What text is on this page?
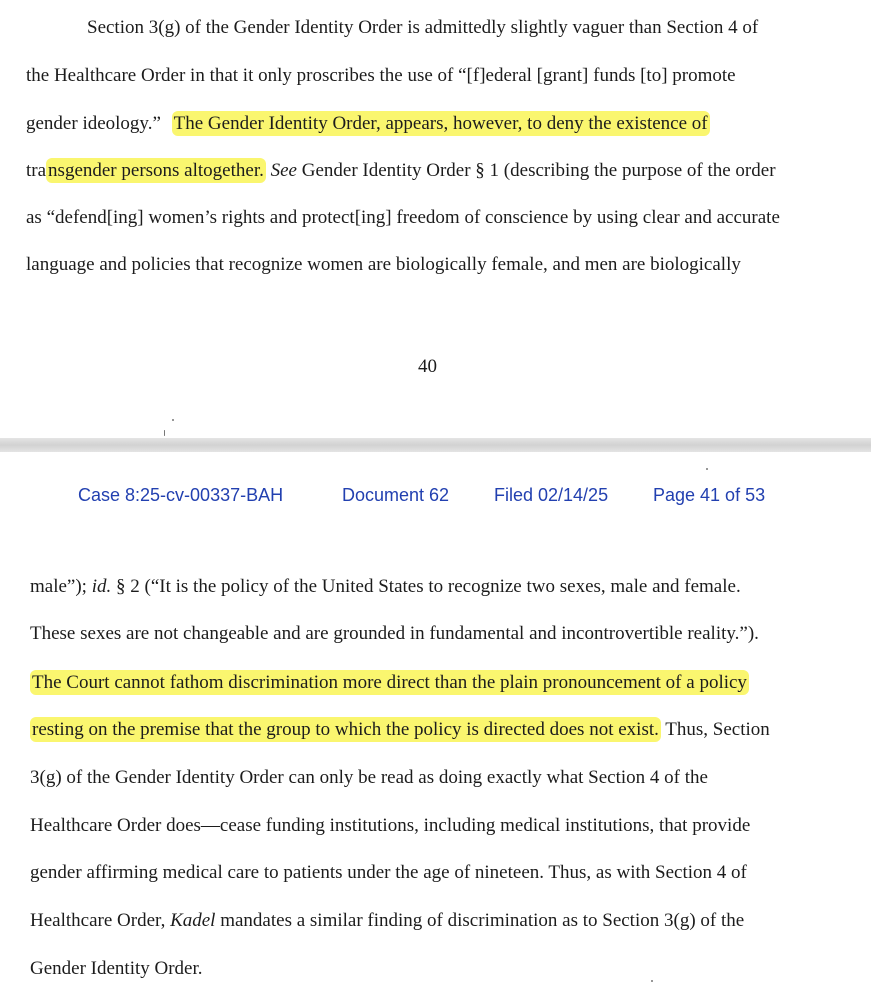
Section 3(g) of the Gender Identity Order is admittedly slightly vaguer than Section 4 of

the Healthcare Order in that it only proscribes the use of “[f]ederal [grant] funds [to] promote

gender ideology.” The Gender Identity Order, appears, however, to deny the existence of

tra nsgender persons altogether. See Gender Identity Order § 1 (describing the purpose of the order

as “defend[ing] women’s rights and protect[ing] freedom of conscience by using clear and accurate

language and policies that recognize women are biologically female, and men are biologically

40
Case 8:25-cv-00337-BAH	Document 62 Filed 02/14/25 Page 41 of 53

male”); id. § 2 (“It is the policy of the United States to recognize two sexes, male and female.

These sexes are not changeable and are grounded in fundamental and incontrovertible reality.”).

The Court cannot fathom discrimination more direct than the plain pronouncement of a policy

resting on the premise that the group to which the policy is directed does not exist. Thus, Section

3(g) of the Gender Identity Order can only be read as doing exactly what Section 4 of the

Healthcare Order does—cease funding institutions, including medical institutions, that provide

gender affirming medical care to patients under the age of nineteen. Thus, as with Section 4 of

Healthcare Order, Kadel mandates a similar finding of discrimination as to Section 3(g) of the

Gender Identity Order.
